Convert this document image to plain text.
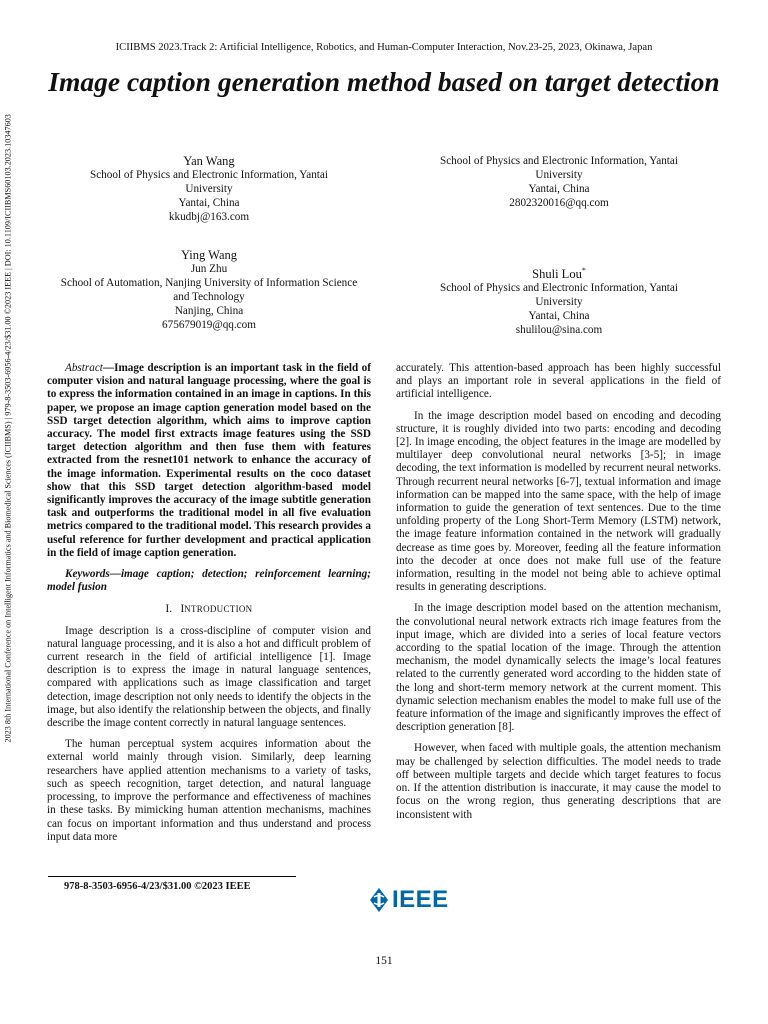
ICIIBMS 2023.Track 2: Artificial Intelligence, Robotics, and Human-Computer Interaction, Nov.23-25, 2023, Okinawa, Japan
Image caption generation method based on target detection
2023 8th International Conference on Intelligent Informatics and Biomedical Sciences (ICIIBMS) | 979-8-3503-6956-4/23/$31.00 ©2023 IEEE | DOI: 10.1109/ICIIBMS60103.2023.10347603	Yan Wang
School of Physics and Electronic Information, Yantai University
Yantai, China
kkudbj@163.com
School of Physics and Electronic Information, Yantai University
Yantai, China
2802320016@qq.com
Ying Wang
Jun Zhu
School of Automation, Nanjing University of Information Science and Technology
Nanjing, China
675679019@qq.com
Shuli Lou*
School of Physics and Electronic Information, Yantai University
Yantai, China
shulilou@sina.com

Abstract—Image description is an important task in the field of computer vision and natural language processing, where the goal is to express the information contained in an image in captions. In this paper, we propose an image caption generation model based on the SSD target detection algorithm, which aims to improve caption accuracy. The model first extracts image features using the SSD target detection algorithm and then fuse them with features extracted from the resnet101 network to enhance the accuracy of the image information. Experimental results on the coco dataset show that this SSD target detection algorithm-based model significantly improves the accuracy of the image subtitle generation task and outperforms the traditional model in all five evaluation metrics compared to the traditional model. This research provides a useful reference for further development and practical application in the field of image caption generation.

Keywords—image caption; detection; reinforcement learning; model fusion

I. INTRODUCTION

Image description is a cross-discipline of computer vision and natural language processing, and it is also a hot and difficult problem of current research in the field of artificial intelligence [1]. Image description is to express the image in natural language sentences, compared with applications such as image classification and target detection, image description not only needs to identify the objects in the image, but also identify the relationship between the objects, and finally describe the image content correctly in natural language sentences.

The human perceptual system acquires information about the external world mainly through vision. Similarly, deep learning researchers have applied attention mechanisms to a variety of tasks, such as speech recognition, target detection, and natural language processing, to improve the performance and effectiveness of machines in these tasks. By mimicking human attention mechanisms, machines can focus on important information and thus understand and process input data more

accurately. This attention-based approach has been highly successful and plays an important role in several applications in the field of artificial intelligence.

In the image description model based on encoding and decoding structure, it is roughly divided into two parts: encoding and decoding [2]. In image encoding, the object features in the image are modelled by multilayer deep convolutional neural networks [3-5]; in image decoding, the text information is modelled by recurrent neural networks. Through recurrent neural networks [6-7], textual information and image information can be mapped into the same space, with the help of image information to guide the generation of text sentences. Due to the time unfolding property of the Long Short-Term Memory (LSTM) network, the image feature information contained in the network will gradually decrease as time goes by. Moreover, feeding all the feature information into the decoder at once does not make full use of the feature information, resulting in the model not being able to achieve optimal results in generating descriptions.

In the image description model based on the attention mechanism, the convolutional neural network extracts rich image features from the input image, which are divided into a series of local feature vectors according to the spatial location of the image. Through the attention mechanism, the model dynamically selects the image’s local features related to the currently generated word according to the hidden state of the long and short-term memory network at the current moment. This dynamic selection mechanism enables the model to make full use of the feature information of the image and significantly improves the effect of description generation [8].

However, when faced with multiple goals, the attention mechanism may be challenged by selection difficulties. The model needs to trade off between multiple targets and decide which target features to focus on. If the attention distribution is inaccurate, it may cause the model to focus on the wrong region, thus generating descriptions that are inconsistent with

978-8-3503-6956-4/23/$31.00 ©2023 IEEE	IEEE
151
